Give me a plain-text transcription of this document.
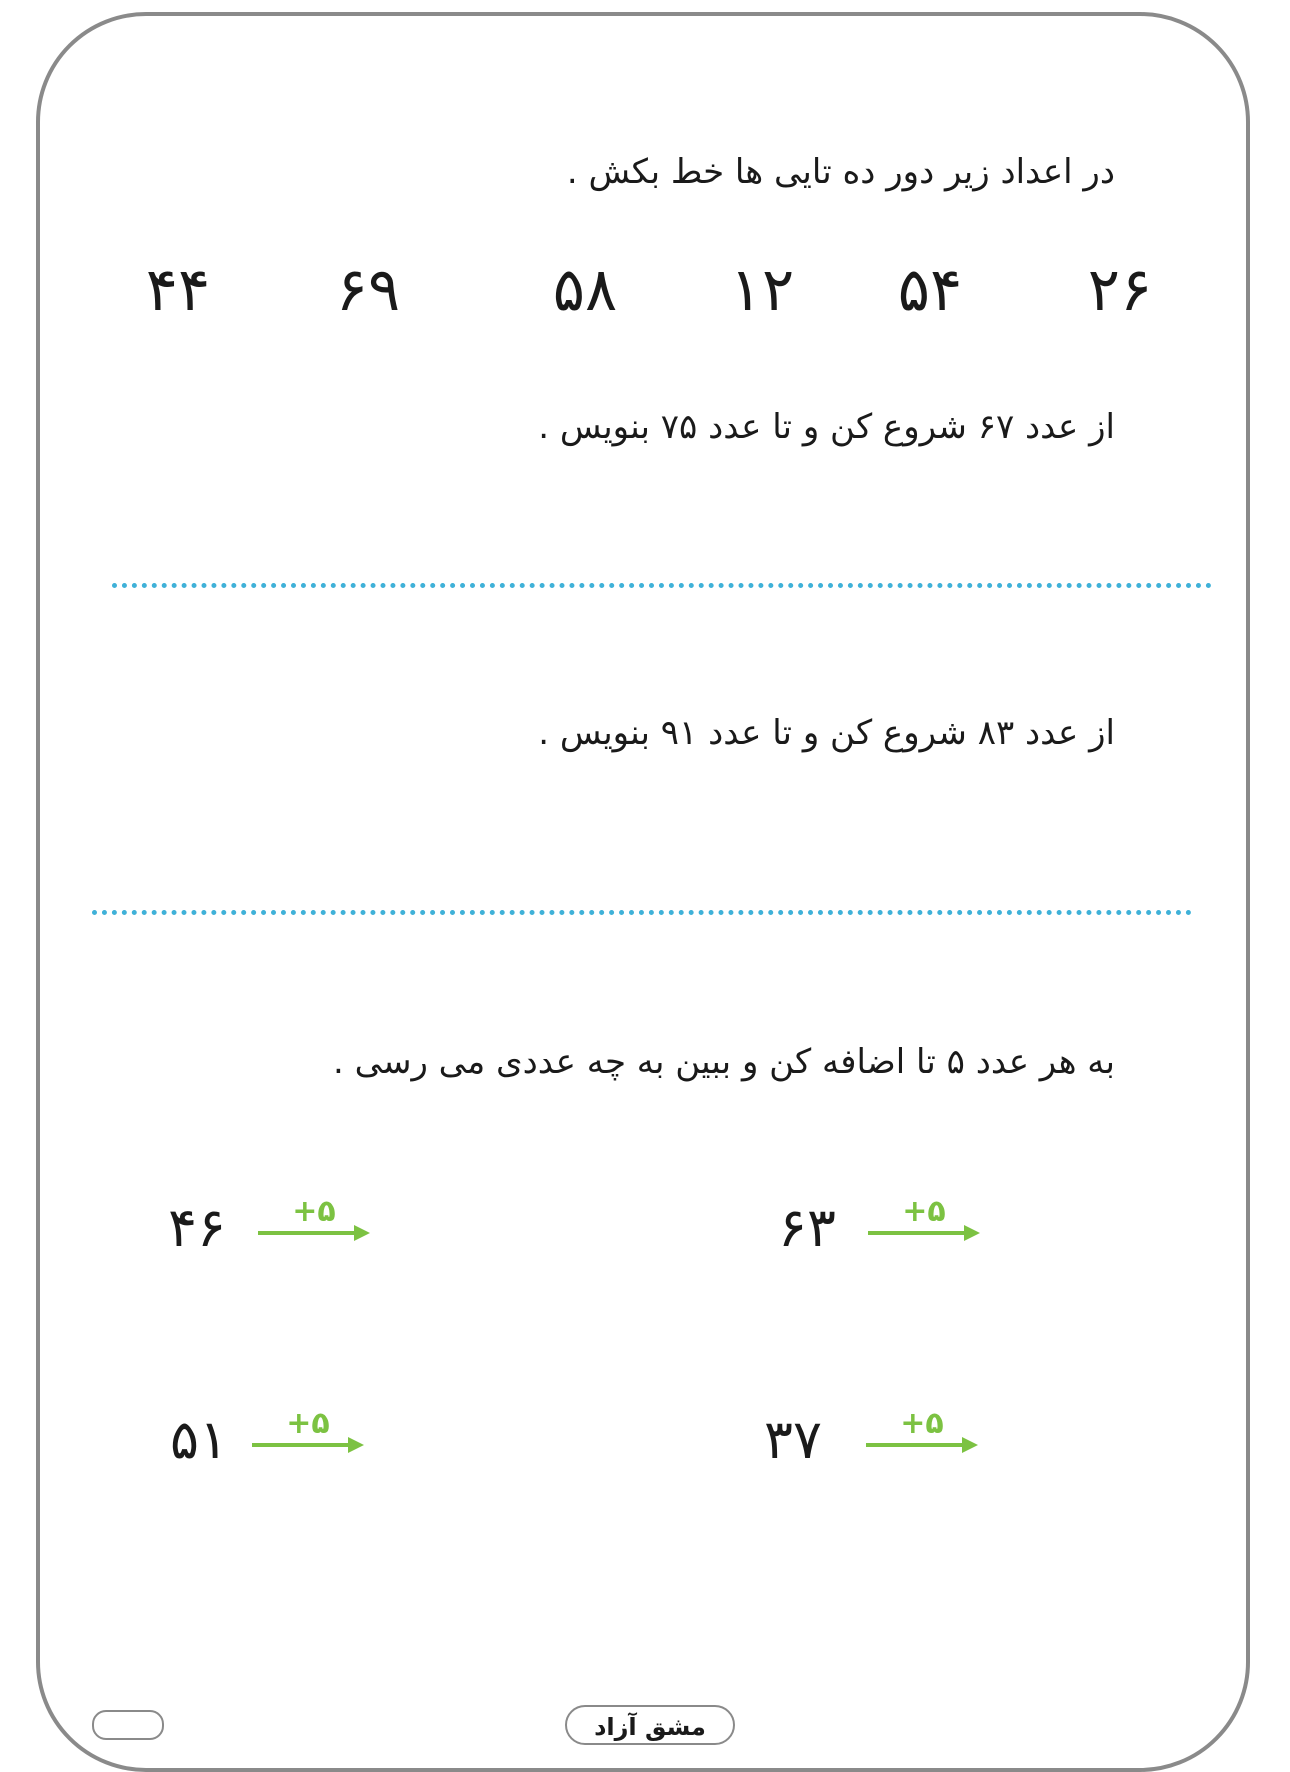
در اعداد زیر دور ده تایی ها خط بکش .
۲۶
۵۴
۱۲
۵۸
۶۹
۴۴
از عدد ۶۷ شروع کن و تا عدد ۷۵ بنویس .
از عدد ۸۳ شروع کن و تا عدد ۹۱ بنویس .
به هر عدد ۵ تا اضافه کن و ببین به چه عددی می رسی .
۶۳ +۵
۴۶ +۵
۳۷	+۵
۵۱ +۵
مشق آزاد
